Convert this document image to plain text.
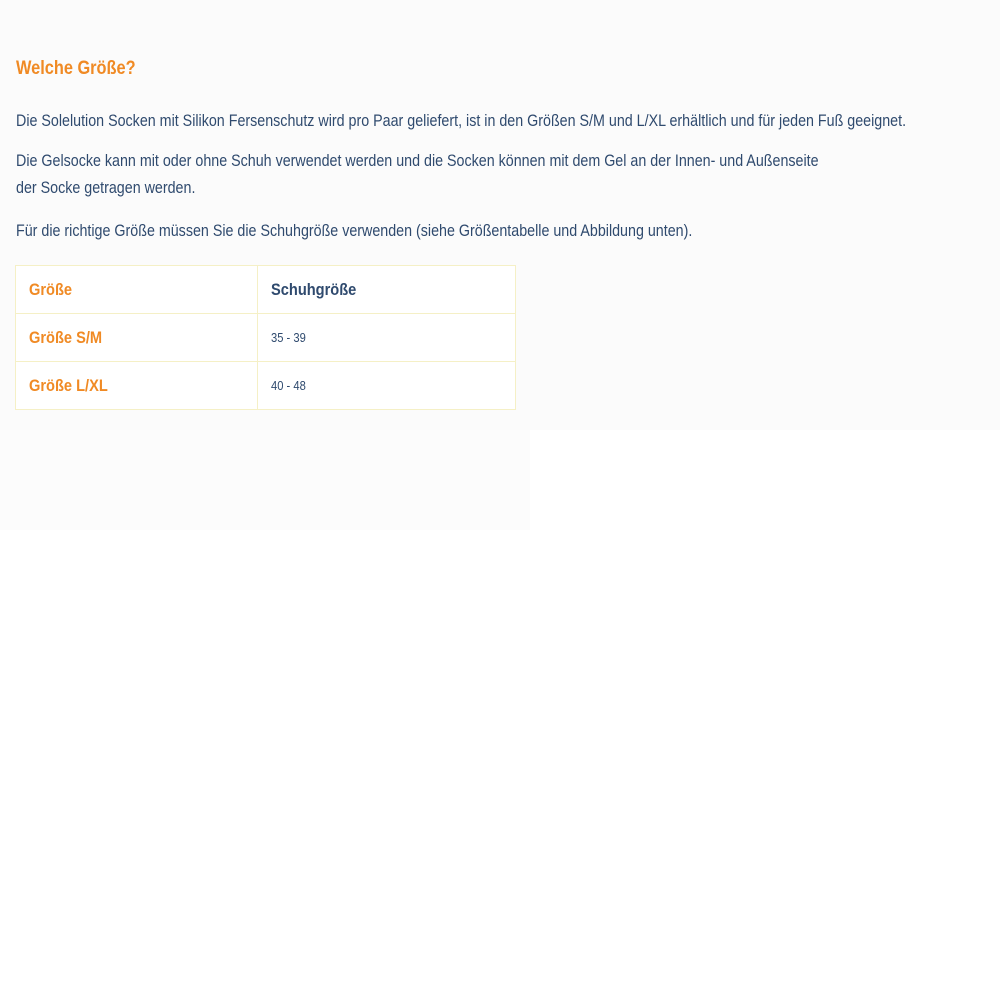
Welche Größe?

Die Solelution Socken mit Silikon Fersenschutz wird pro Paar geliefert, ist in den Größen S/M und L/XL erhältlich und für jeden Fuß geeignet.

Die Gelsocke kann mit oder ohne Schuh verwendet werden und die Socken können mit dem Gel an der Innen- und Außenseite
der Socke getragen werden.

Für die richtige Größe müssen Sie die Schuhgröße verwenden (siehe Größentabelle und Abbildung unten).

Größe	Schuhgröße
Größe S/M	35 - 39
Größe L/XL	40 - 48
